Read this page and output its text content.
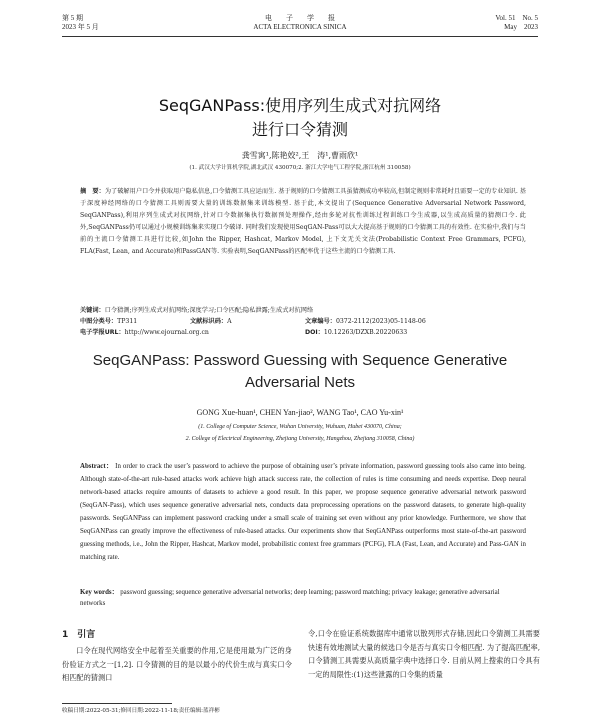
第 5 期
2023 年 5 月
电　　子　　学　　报
ACTA ELECTRONICA SINICA
Vol. 51　No. 5
May　2023
SeqGANPass:使用序列生成式对抗网络
进行口令猜测
龚雪寓¹,陈艳姣²,王　涛¹,曹雨欣¹
(1. 武汉大学计算机学院,湖北武汉 430070;2. 浙江大学电气工程学院,浙江杭州 310058)
摘　要：为了破解用户口令并获取用户隐私信息,口令猜测工具应运而生. 基于规则的口令猜测工具虽猜测成功率较高,但制定规则非常耗时且需要一定的专业知识. 基于深度神经网络的口令猜测工具则需要大量的训练数据集来训练模型. 基于此,本文提出了(Sequence Generative Adversarial Network Password, SeqGANPass),利用序列生成式对抗网络,针对口令数据集执行数据预处理操作,经由多轮对抗性训练过程训练口令生成器,以生成高质量的猜测口令. 此外,SeqGANPass仍可以通过小规模训练集来实现口令破译. 同时我们发现使用SeqGAN-Pass可以大大提高基于规则的口令猜测工具的有效性. 在实验中,我们与当前的主流口令猜测工具进行比较,如John the Ripper, Hashcat, Markov Model, 上下文无关文法(Probabilistic Context Free Grammars, PCFG), FLA(Fast, Lean, and Accurate)和PassGAN等. 实验表明,SeqGANPass的匹配率优于这些主流的口令猜测工具.
关键词：口令猜测;序列生成式对抗网络;深度学习;口令匹配;隐私泄露;生成式对抗网络
中图分类号：TP311	文献标识码：A	文章编号：0372-2112(2023)05-1148-06
电子学报URL：http://www.ejournal.org.cn	DOI：10.12263/DZXB.20220633
SeqGANPass: Password Guessing with Sequence Generative
Adversarial Nets
GONG Xue-huan¹, CHEN Yan-jiao², WANG Tao¹, CAO Yu-xin¹
(1. College of Computer Science, Wuhan University, Wuhuan, Hubei 430070, China;
2. College of Electrical Engineering, Zhejiang University, Hangzhou, Zhejiang 310058, China)
Abstract： In order to crack the user’s password to achieve the purpose of obtaining user’s private information, password guessing tools also came into being. Although state-of-the-art rule-based attacks work achieve high attack success rate, the collection of rules is time consuming and needs expertise. Deep neural network-based attacks require amounts of datasets to achieve a good result. In this paper, we propose sequence generative adversarial network password (SeqGAN-Pass), which uses sequence generative adversarial nets, conducts data preprocessing operations on the password datasets, to generate high-quality passwords. SeqGANPass can implement password cracking under a small scale of training set even without any prior knowledge. Furthermore, we show that SeqGANPass can greatly improve the effectiveness of rule-based attacks. Our experiments show that SeqGANPass outperforms most state-of-the-art password guessing methods, i.e., John the Ripper, Hashcat, Markov model, probabilistic context free grammars (PCFG), FLA (Fast, Lean, and Accurate) and Pass-GAN in matching rate.
Key words： password guessing; sequence generative adversarial networks; deep learning; password matching; privacy leakage; generative adversarial networks
1　引言
口令在现代网络安全中起着至关重要的作用,它是使用最为广泛的身份验证方式之一[1,2]. 口令猜测的目的是以最小的代价生成与真实口令相匹配的猜测口
令,口令在验证系统数据库中通常以散列形式存储,因此口令猜测工具需要快速有效地测试大量的候选口令是否与真实口令相匹配. 为了提高匹配率,口令猜测工具需要从高质量字典中选择口令. 目前从网上搜索的口令具有一定的局限性:(1)这些泄露的口令集的质量
收稿日期:2022-05-31;修回日期:2022-11-18;责任编辑:蓝祥彬
